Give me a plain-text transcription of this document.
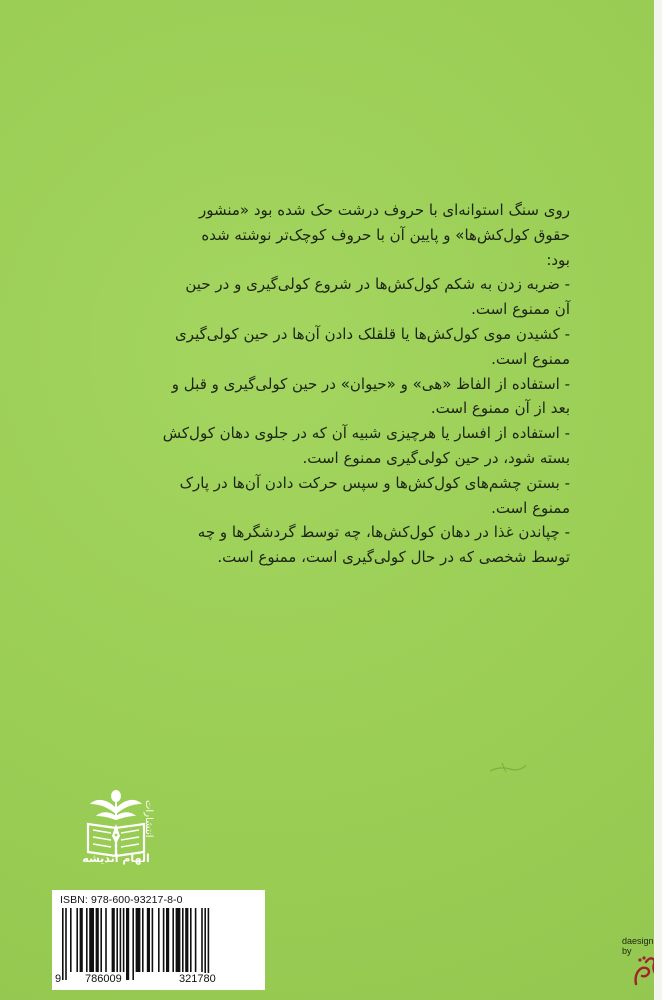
روی سنگ استوانه‌ای با حروف درشت حک شده بود «منشور

حقوق کول‌کش‌ها» و پایین آن با حروف کوچک‌تر نوشته شده

بود:

- ضربه زدن به شکم کول‌کش‌ها در شروع کولی‌گیری و در حین

آن ممنوع است.

- کشیدن موی کول‌کش‌ها یا قلقلک دادن آن‌ها در حین کولی‌گیری

ممنوع است.

- استفاده از الفاظ «هی» و «حیوان» در حین کولی‌گیری و قبل و

بعد از آن ممنوع است.

- استفاده از افسار یا هرچیزی شبیه آن که در جلوی دهان کول‌کش

بسته شود، در حین کولی‌گیری ممنوع است.

- بستن چشم‌های کول‌کش‌ها و سپس حرکت دادن آن‌ها در پارک

ممنوع است.

- چپاندن غذا در دهان کول‌کش‌ها، چه توسط گردشگرها و چه

توسط شخصی که در حال کولی‌گیری است، ممنوع است.

انتشارات
الهام اندیشه
ISBN: 978-600-93217-8-0
9 786009	321780
daesign by
